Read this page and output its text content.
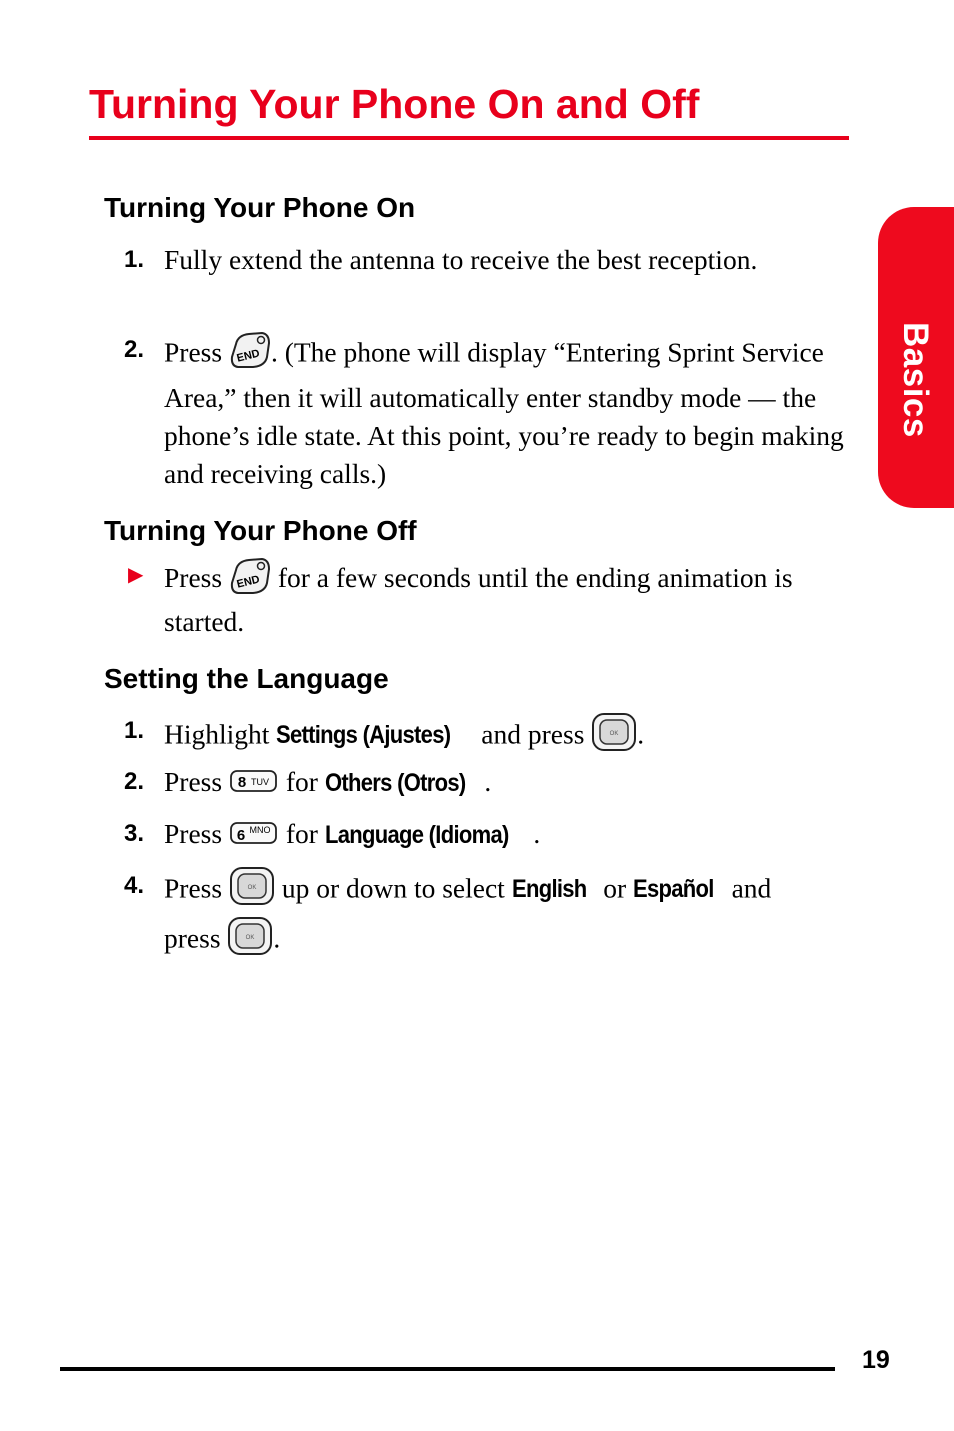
Turning Your Phone On and Off
Basics
Turning Your Phone On
1. Fully extend the antenna to receive the best reception.
2. Press END . (The phone will display “Entering Sprint Service Area,” then it will automatically enter standby mode — the phone’s idle state. At this point, you’re ready to begin making and receiving calls.)
Turning Your Phone Off
▶ Press END for a few seconds until the ending animation is started.
Setting the Language
1. Highlight Settings (Ajustes) and press	OK .
2. Press 8 TUV for Others (Otros) .
3. Press 6 MNO for Language (Idioma) .
4. Press	OK up or down to select English or Español and
press	OK .
19
